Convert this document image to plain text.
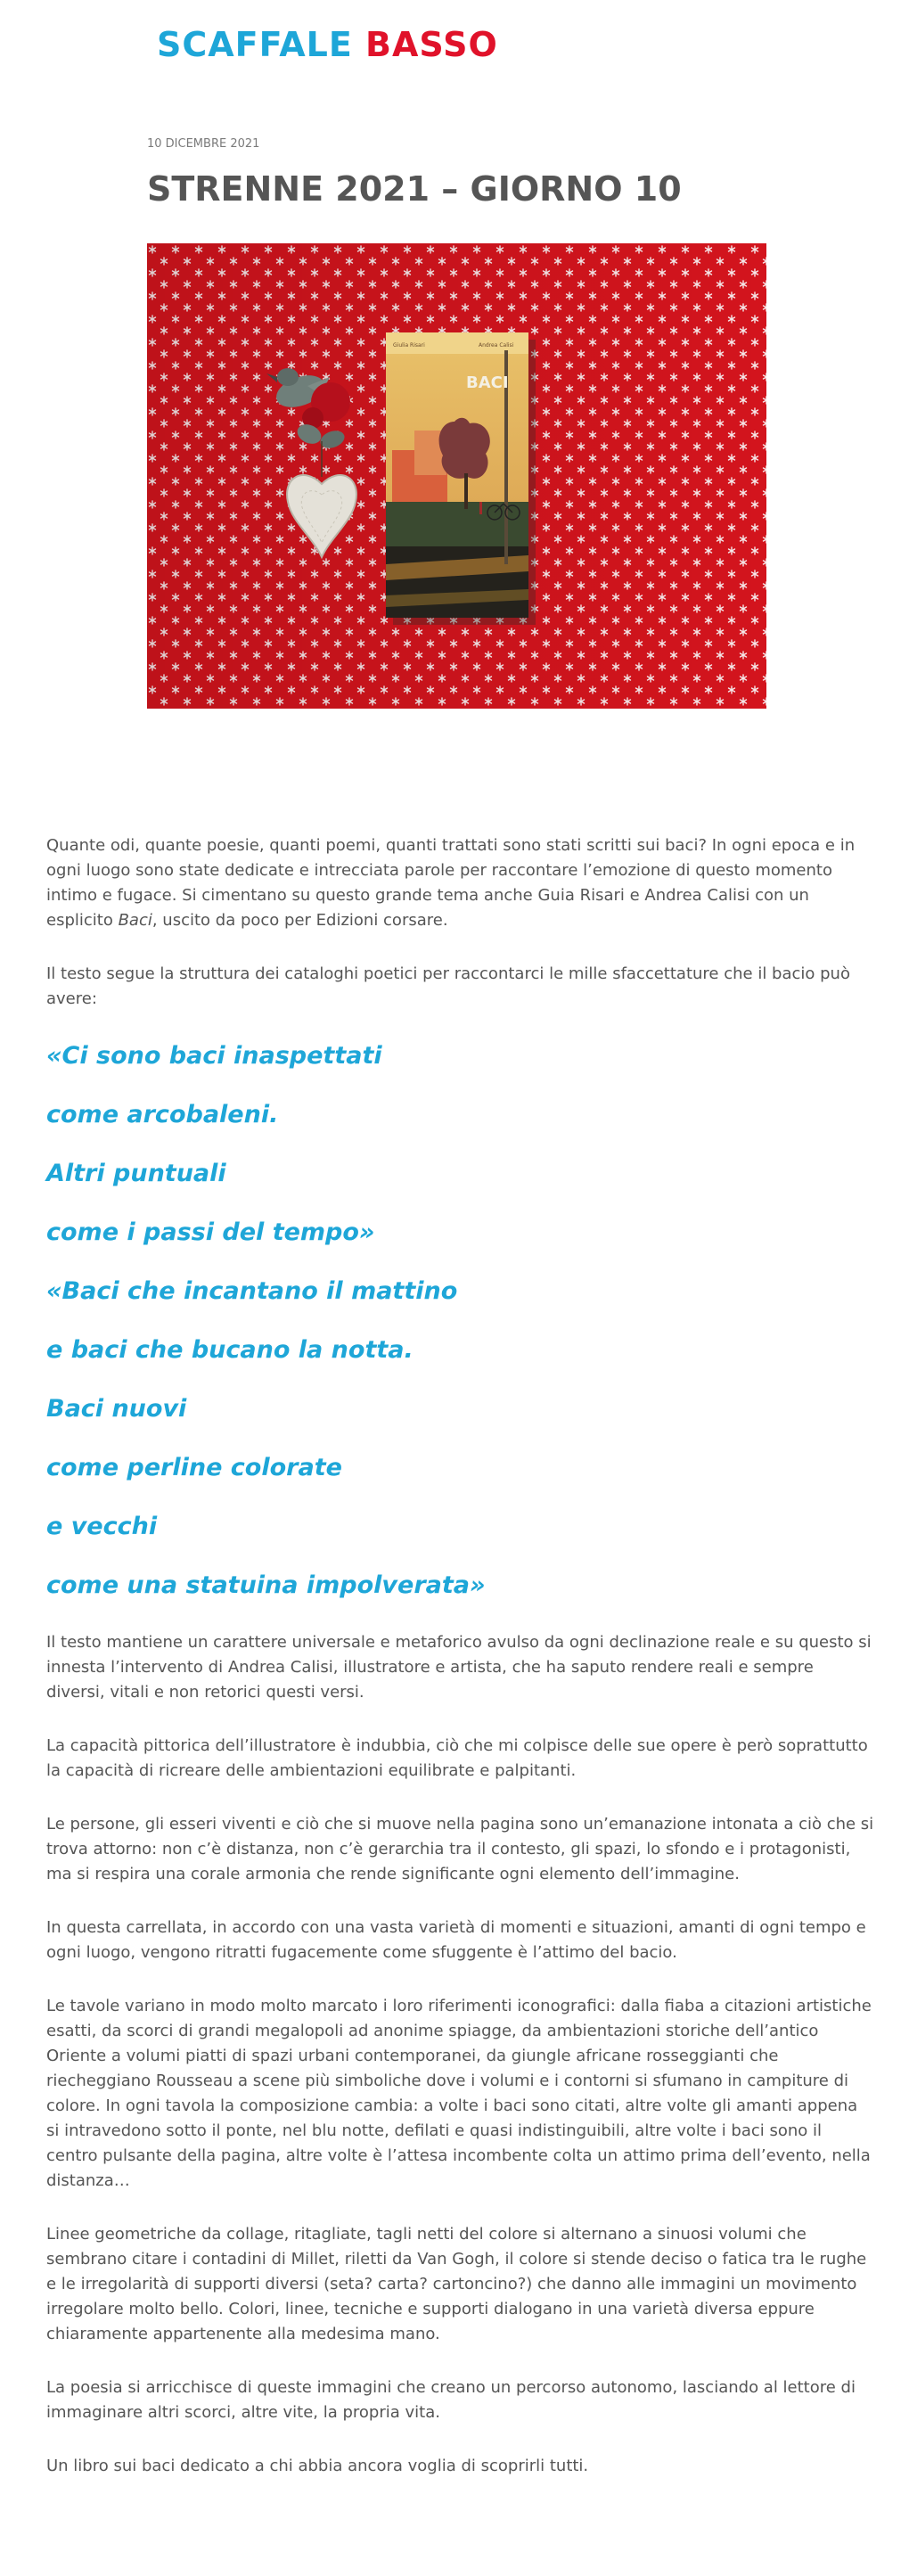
SCAFFALE BASSO
10 DICEMBRE 2021
STRENNE 2021 – GIORNO 10
Giulia Risari	Andrea Calisi
BACI

Quante odi, quante poesie, quanti poemi, quanti trattati sono stati scritti sui baci? In ogni epoca e in ogni luogo sono state dedicate e intrecciata parole per raccontare l’emozione di questo momento intimo e fugace. Si cimentano su questo grande tema anche Guia Risari e Andrea Calisi con un esplicito Baci, uscito da poco per Edizioni corsare.

Il testo segue la struttura dei cataloghi poetici per raccontarci le mille sfaccettature che il bacio può avere:

«Ci sono baci inaspettati

come arcobaleni.

Altri puntuali

come i passi del tempo»

«Baci che incantano il mattino

e baci che bucano la notta.

Baci nuovi

come perline colorate

e vecchi

come una statuina impolverata»

Il testo mantiene un carattere universale e metaforico avulso da ogni declinazione reale e su questo si innesta l’intervento di Andrea Calisi, illustratore e artista, che ha saputo rendere reali e sempre diversi, vitali e non retorici questi versi.

La capacità pittorica dell’illustratore è indubbia, ciò che mi colpisce delle sue opere è però soprattutto la capacità di ricreare delle ambientazioni equilibrate e palpitanti.

Le persone, gli esseri viventi e ciò che si muove nella pagina sono un’emanazione intonata a ciò che si trova attorno: non c’è distanza, non c’è gerarchia tra il contesto, gli spazi, lo sfondo e i protagonisti, ma si respira una corale armonia che rende significante ogni elemento dell’immagine.

In questa carrellata, in accordo con una vasta varietà di momenti e situazioni, amanti di ogni tempo e ogni luogo, vengono ritratti fugacemente come sfuggente è l’attimo del bacio.

Le tavole variano in modo molto marcato i loro riferimenti iconografici: dalla fiaba a citazioni artistiche esatti, da scorci di grandi megalopoli ad anonime spiagge, da ambientazioni storiche dell’antico Oriente a volumi piatti di spazi urbani contemporanei, da giungle africane rosseggianti che riecheggiano Rousseau a scene più simboliche dove i volumi e i contorni si sfumano in campiture di colore. In ogni tavola la composizione cambia: a volte i baci sono citati, altre volte gli amanti appena si intravedono sotto il ponte, nel blu notte, defilati e quasi indistinguibili, altre volte i baci sono il centro pulsante della pagina, altre volte è l’attesa incombente colta un attimo prima dell’evento, nella distanza…

Linee geometriche da collage, ritagliate, tagli netti del colore si alternano a sinuosi volumi che sembrano citare i contadini di Millet, riletti da Van Gogh, il colore si stende deciso o fatica tra le rughe e le irregolarità di supporti diversi (seta? carta? cartoncino?) che danno alle immagini un movimento irregolare molto bello. Colori, linee, tecniche e supporti dialogano in una varietà diversa eppure chiaramente appartenente alla medesima mano.

La poesia si arricchisce di queste immagini che creano un percorso autonomo, lasciando al lettore di immaginare altri scorci, altre vite, la propria vita.

Un libro sui baci dedicato a chi abbia ancora voglia di scoprirli tutti.
